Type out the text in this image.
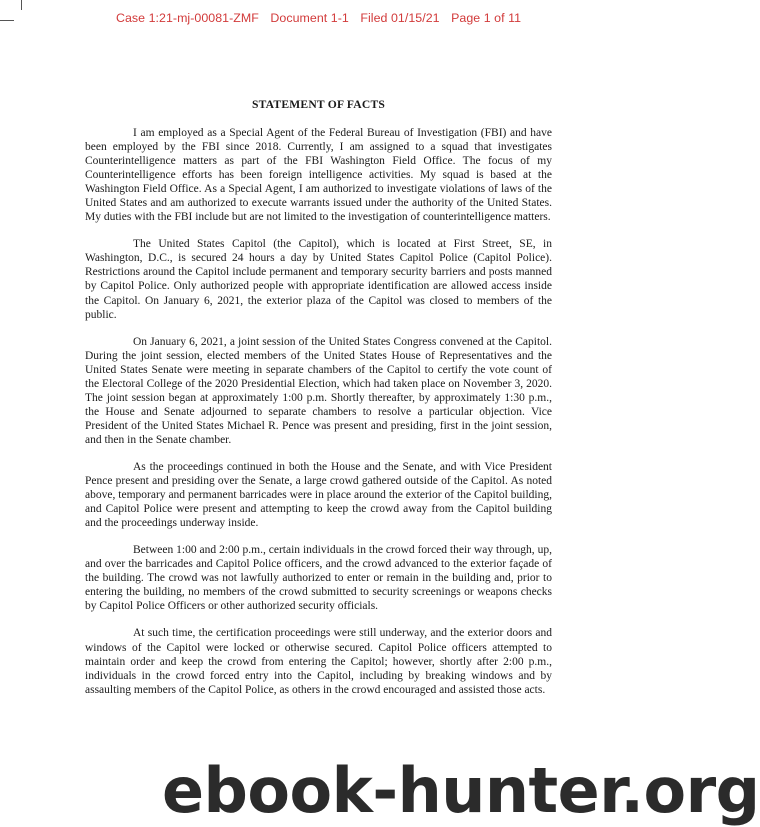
Case 1:21-mj-00081-ZMF Document 1-1 Filed 01/15/21 Page 1 of 11
STATEMENT OF FACTS

I am employed as a Special Agent of the Federal Bureau of Investigation (FBI) and have been employed by the FBI since 2018. Currently, I am assigned to a squad that investigates Counterintelligence matters as part of the FBI Washington Field Office. The focus of my Counterintelligence efforts has been foreign intelligence activities. My squad is based at the Washington Field Office. As a Special Agent, I am authorized to investigate violations of laws of the United States and am authorized to execute warrants issued under the authority of the United States. My duties with the FBI include but are not limited to the investigation of counterintelligence matters.

The United States Capitol (the Capitol), which is located at First Street, SE, in Washington, D.C., is secured 24 hours a day by United States Capitol Police (Capitol Police). Restrictions around the Capitol include permanent and temporary security barriers and posts manned by Capitol Police. Only authorized people with appropriate identification are allowed access inside the Capitol. On January 6, 2021, the exterior plaza of the Capitol was closed to members of the public.

On January 6, 2021, a joint session of the United States Congress convened at the Capitol. During the joint session, elected members of the United States House of Representatives and the United States Senate were meeting in separate chambers of the Capitol to certify the vote count of the Electoral College of the 2020 Presidential Election, which had taken place on November 3, 2020. The joint session began at approximately 1:00 p.m. Shortly thereafter, by approximately 1:30 p.m., the House and Senate adjourned to separate chambers to resolve a particular objection. Vice President of the United States Michael R. Pence was present and presiding, first in the joint session, and then in the Senate chamber.

As the proceedings continued in both the House and the Senate, and with Vice President Pence present and presiding over the Senate, a large crowd gathered outside of the Capitol. As noted above, temporary and permanent barricades were in place around the exterior of the Capitol building, and Capitol Police were present and attempting to keep the crowd away from the Capitol building and the proceedings underway inside.

Between 1:00 and 2:00 p.m., certain individuals in the crowd forced their way through, up, and over the barricades and Capitol Police officers, and the crowd advanced to the exterior façade of the building. The crowd was not lawfully authorized to enter or remain in the building and, prior to entering the building, no members of the crowd submitted to security screenings or weapons checks by Capitol Police Officers or other authorized security officials.

At such time, the certification proceedings were still underway, and the exterior doors and windows of the Capitol were locked or otherwise secured. Capitol Police officers attempted to maintain order and keep the crowd from entering the Capitol; however, shortly after 2:00 p.m., individuals in the crowd forced entry into the Capitol, including by breaking windows and by assaulting members of the Capitol Police, as others in the crowd encouraged and assisted those acts.

ebook-hunter.org
